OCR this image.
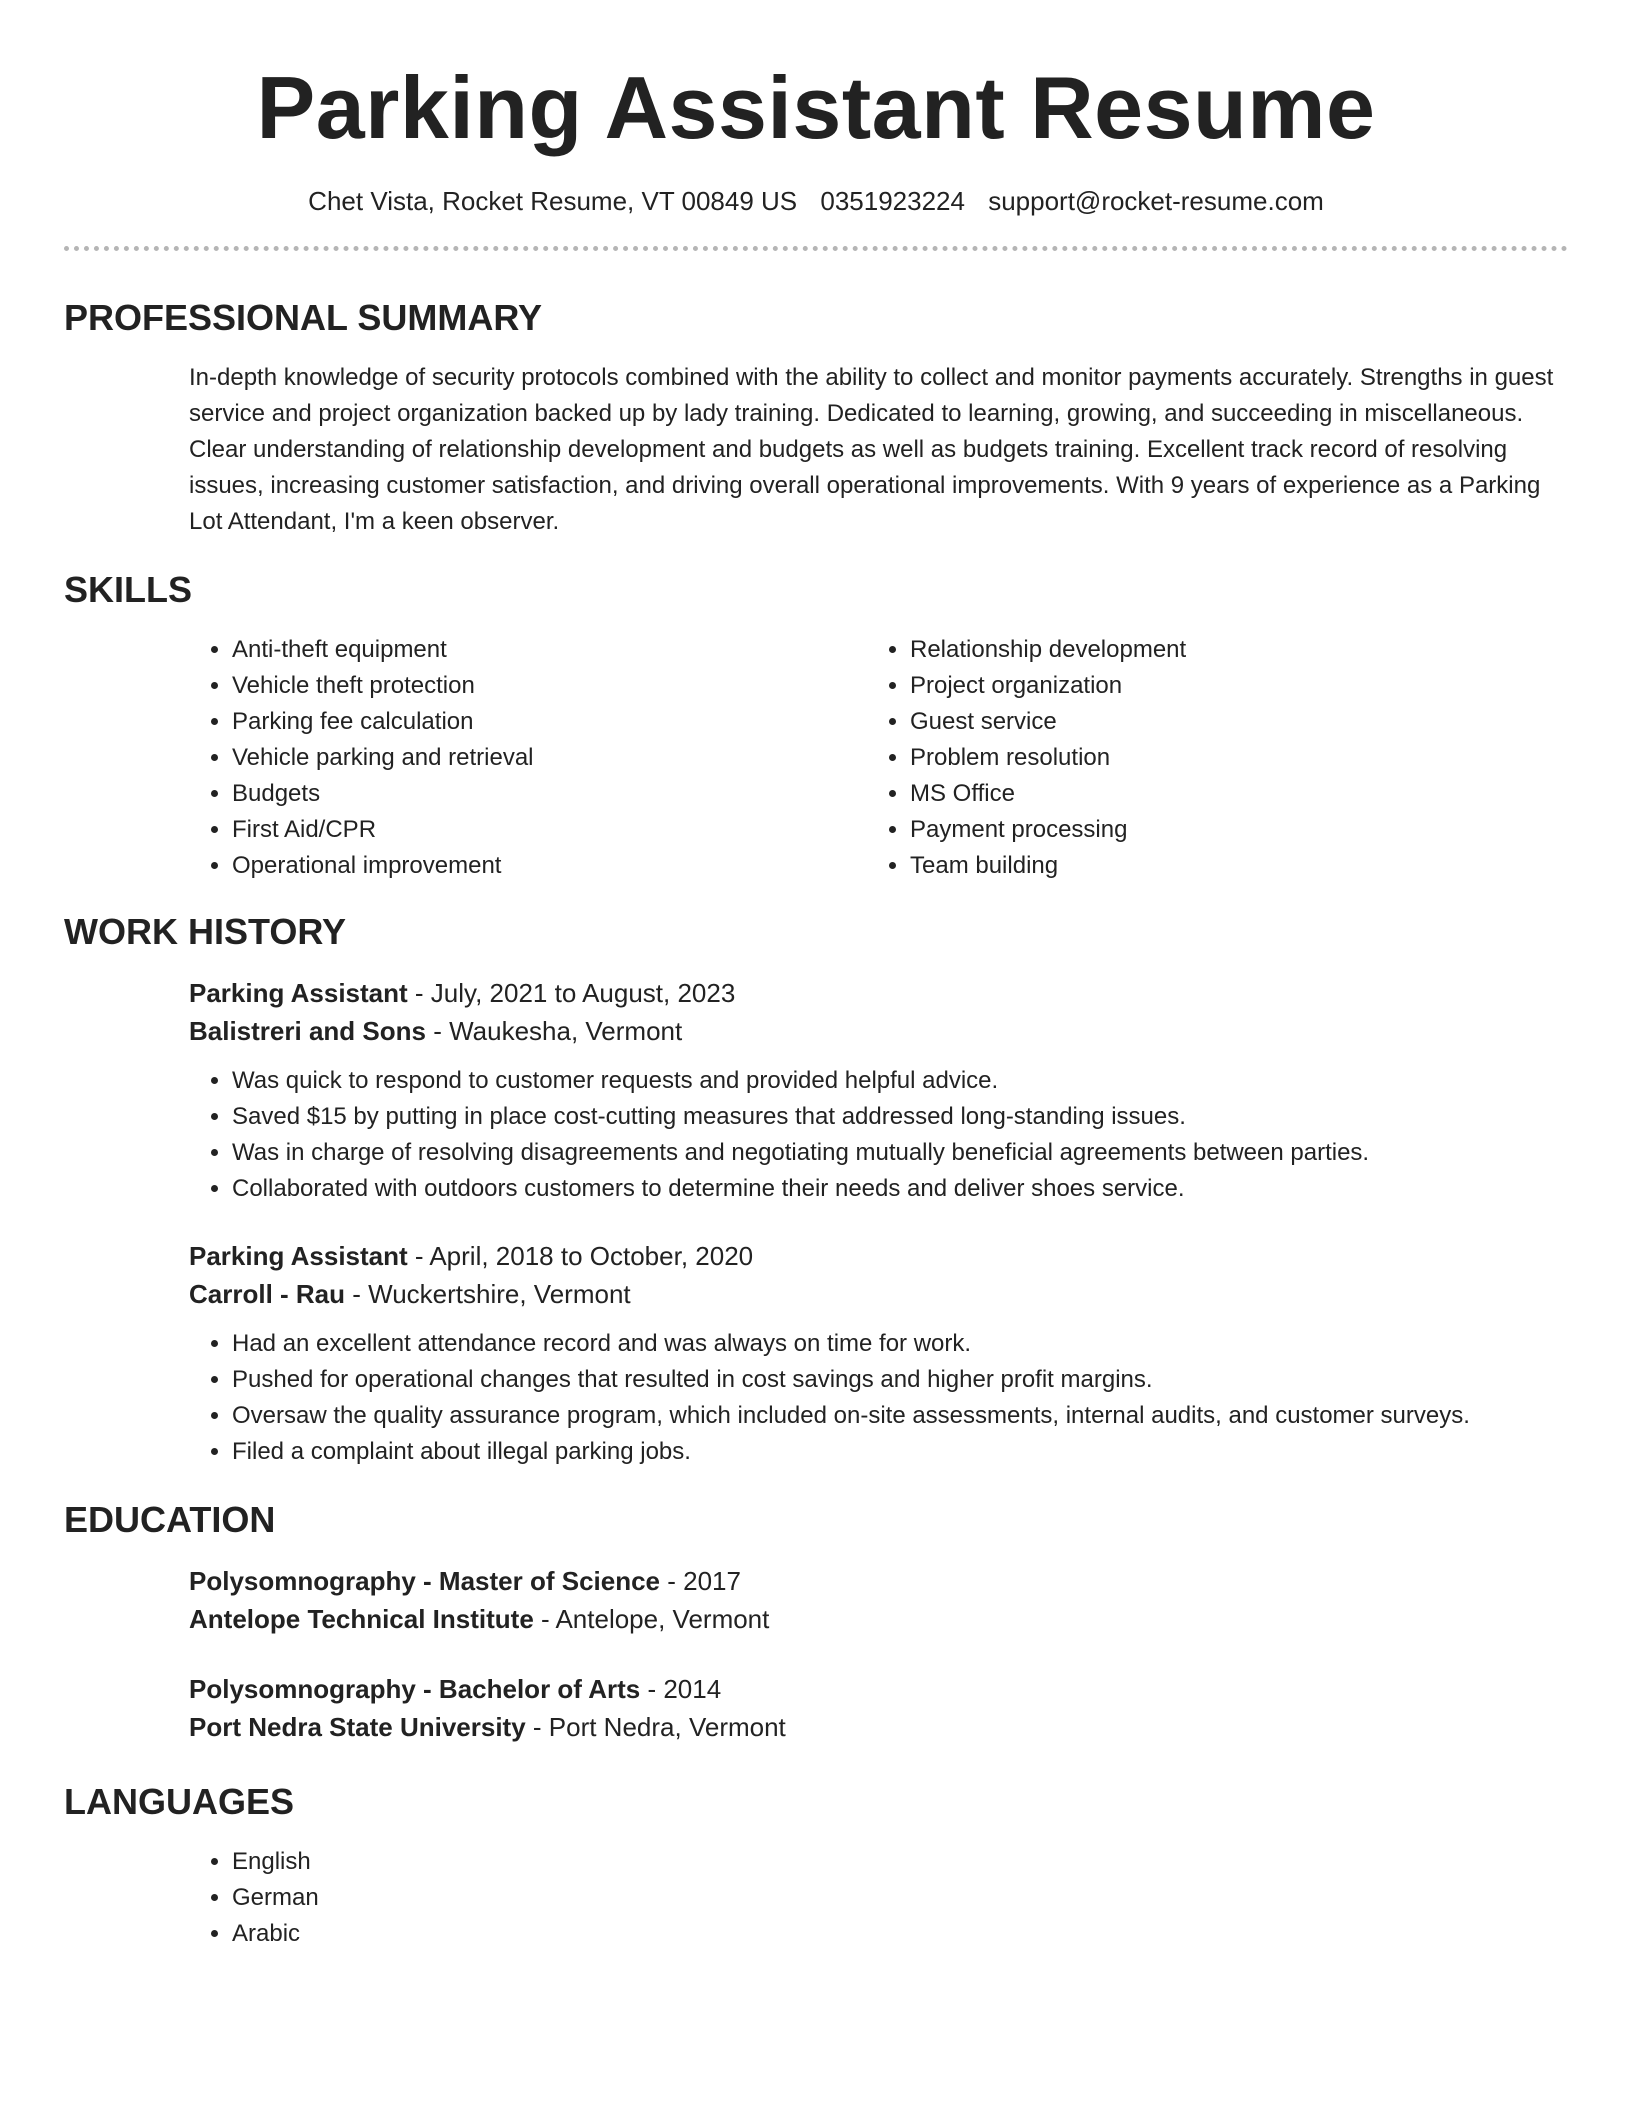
Parking Assistant Resume
Chet Vista, Rocket Resume, VT 00849 US 0351923224 support@rocket-resume.com
PROFESSIONAL SUMMARY
In-depth knowledge of security protocols combined with the ability to collect and monitor payments accurately. Strengths in guest service and project organization backed up by lady training. Dedicated to learning, growing, and succeeding in miscellaneous. Clear understanding of relationship development and budgets as well as budgets training. Excellent track record of resolving issues, increasing customer satisfaction, and driving overall operational improvements. With 9 years of experience as a Parking Lot Attendant, I'm a keen observer.
SKILLS
• Anti-theft equipment
• Vehicle theft protection
• Parking fee calculation
• Vehicle parking and retrieval
• Budgets
• First Aid/CPR
• Operational improvement
• Relationship development
• Project organization
• Guest service
• Problem resolution
• MS Office
• Payment processing
• Team building
WORK HISTORY
Parking Assistant - July, 2021 to August, 2023
Balistreri and Sons - Waukesha, Vermont
• Was quick to respond to customer requests and provided helpful advice.
• Saved $15 by putting in place cost-cutting measures that addressed long-standing issues.
• Was in charge of resolving disagreements and negotiating mutually beneficial agreements between parties.
• Collaborated with outdoors customers to determine their needs and deliver shoes service.
Parking Assistant - April, 2018 to October, 2020
Carroll - Rau - Wuckertshire, Vermont
• Had an excellent attendance record and was always on time for work.
• Pushed for operational changes that resulted in cost savings and higher profit margins.
• Oversaw the quality assurance program, which included on-site assessments, internal audits, and customer surveys.
• Filed a complaint about illegal parking jobs.
EDUCATION
Polysomnography - Master of Science - 2017
Antelope Technical Institute - Antelope, Vermont
Polysomnography - Bachelor of Arts - 2014
Port Nedra State University - Port Nedra, Vermont
LANGUAGES
• English
• German
• Arabic
